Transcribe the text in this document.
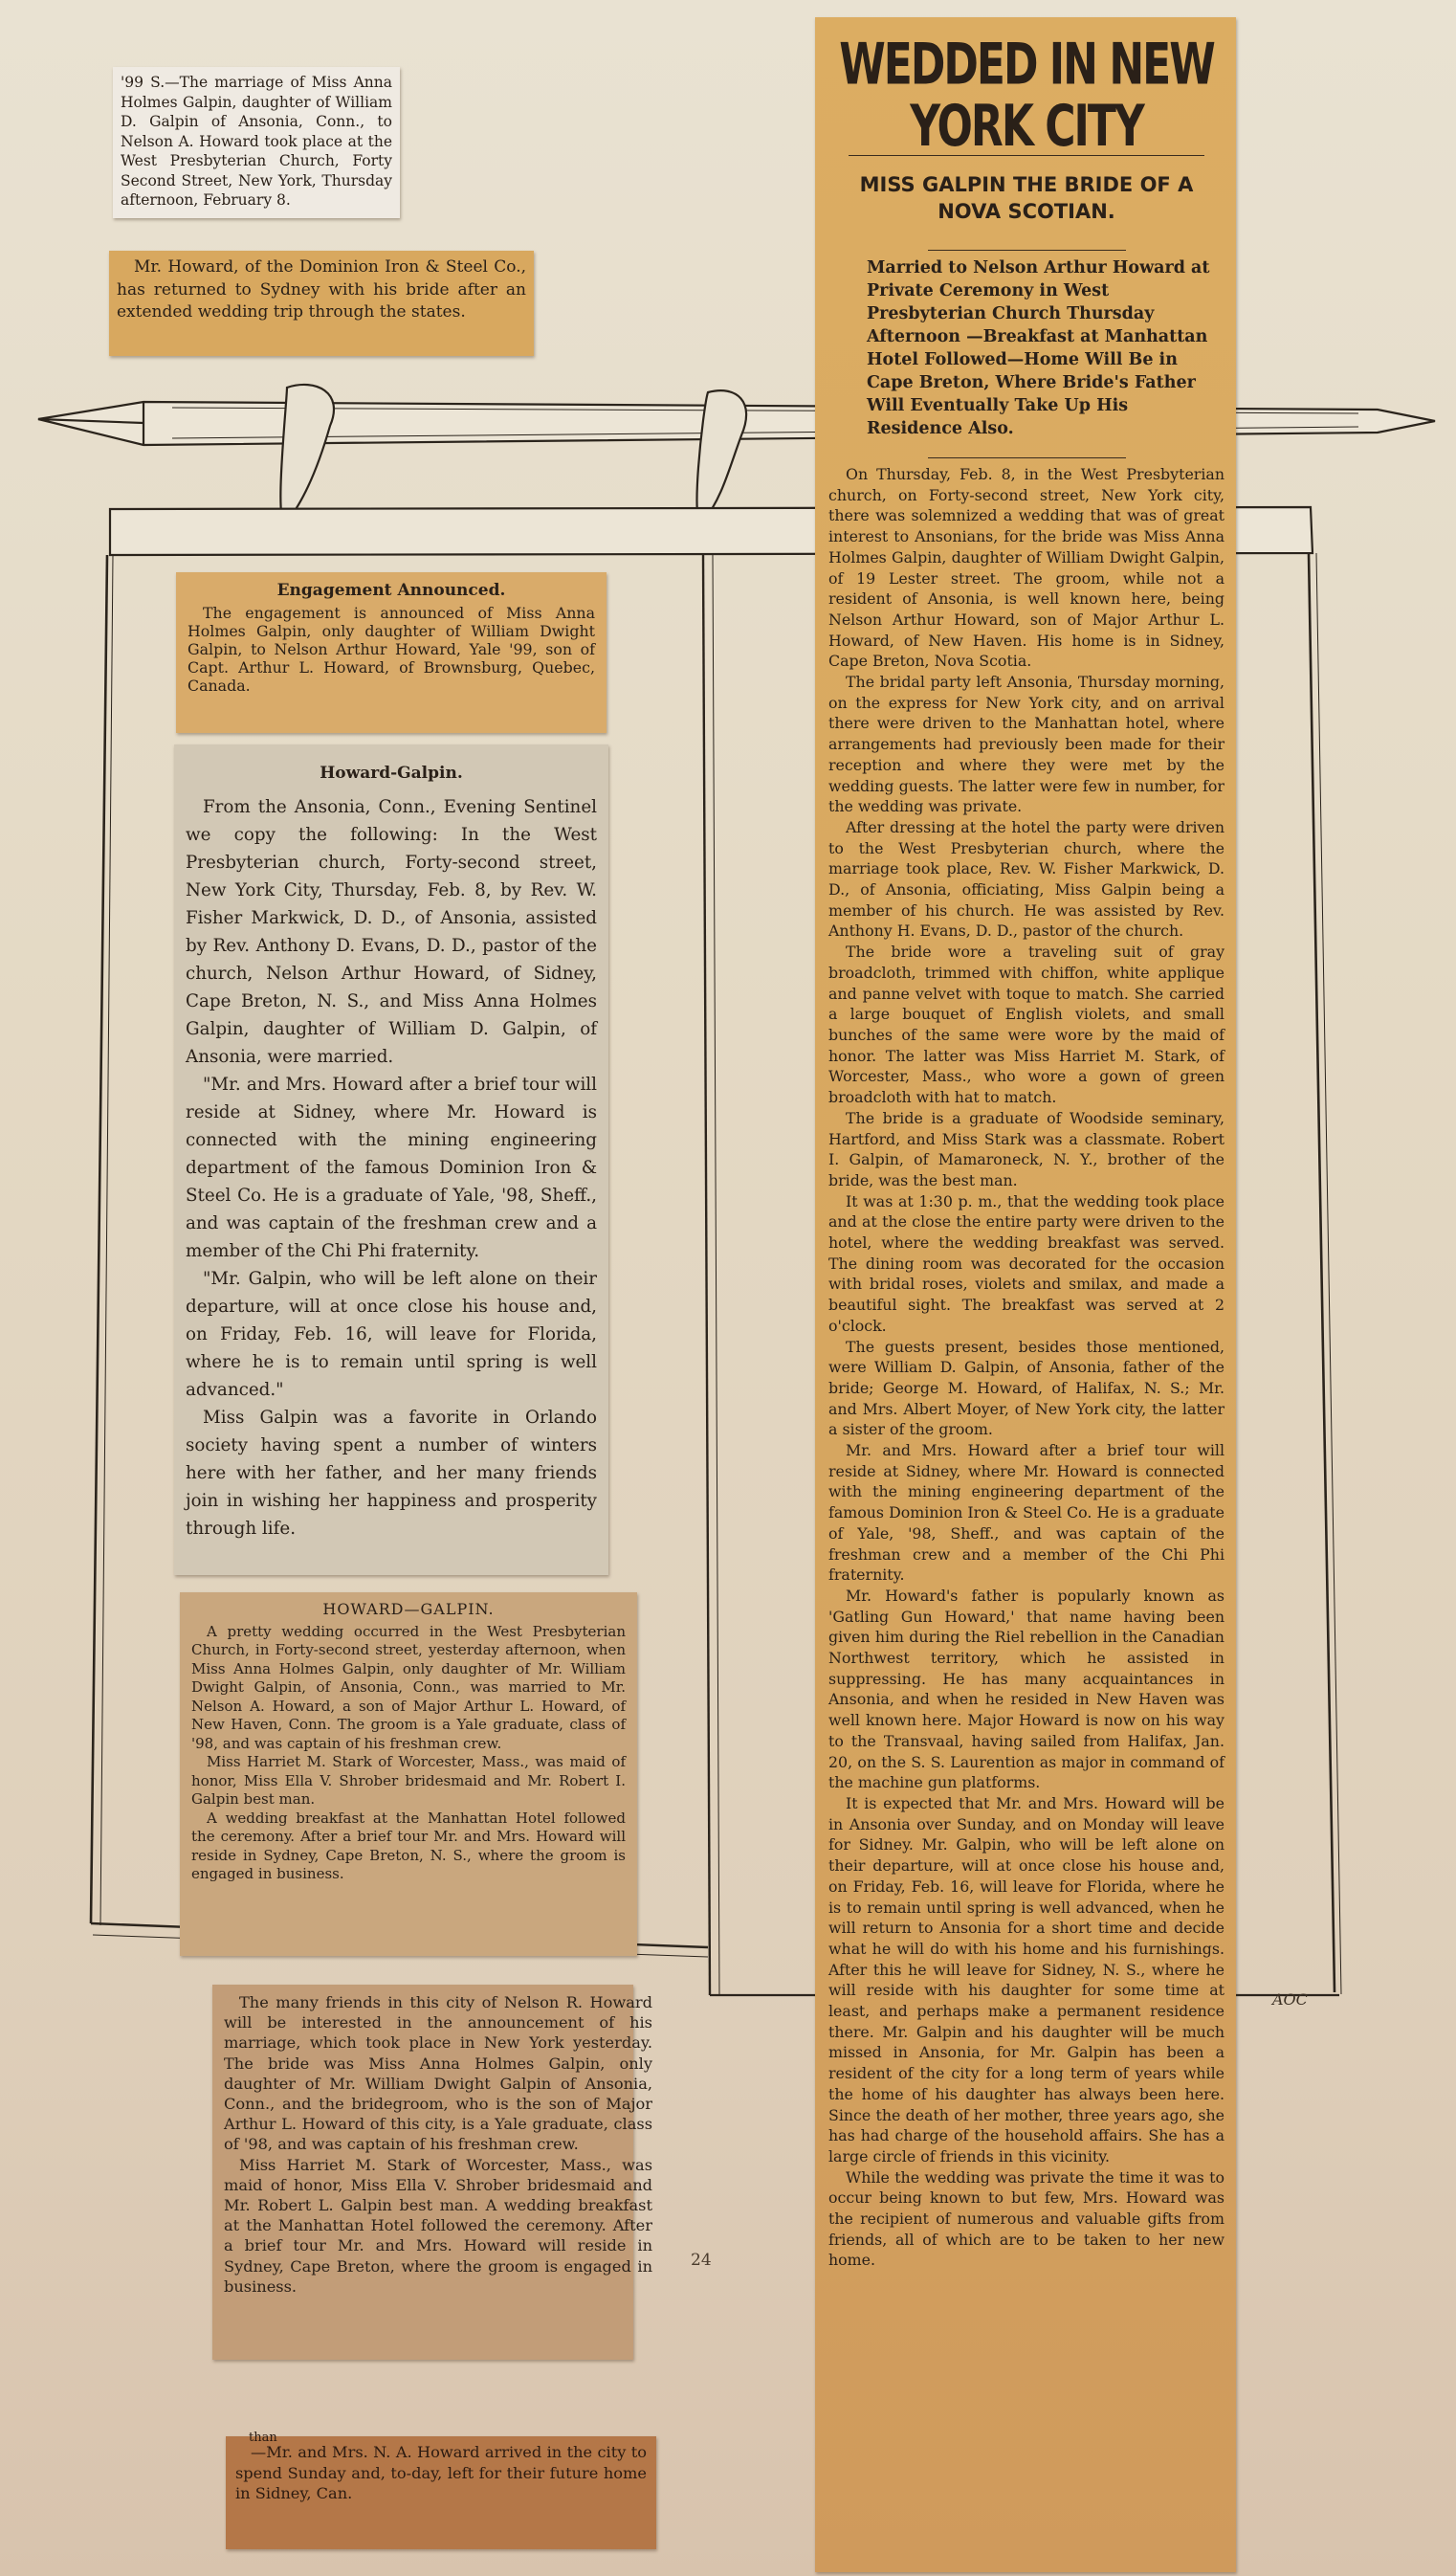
'99 S.—The marriage of Miss Anna Holmes Galpin, daughter of William D. Galpin of Ansonia, Conn., to Nelson A. Howard took place at the West Presbyterian Church, Forty Second Street, New York, Thursday afternoon, February 8.

Mr. Howard, of the Dominion Iron & Steel Co., has returned to Sydney with his bride after an extended wedding trip through the states.

Engagement Announced.

The engagement is announced of Miss Anna Holmes Galpin, only daughter of William Dwight Galpin, to Nelson Arthur Howard, Yale '99, son of Capt. Arthur L. Howard, of Brownsburg, Quebec, Canada.

Howard-Galpin.

From the Ansonia, Conn., Evening Sentinel we copy the following: In the West Presbyterian church, Forty-second street, New York City, Thursday, Feb. 8, by Rev. W. Fisher Markwick, D. D., of Ansonia, assisted by Rev. Anthony D. Evans, D. D., pastor of the church, Nelson Arthur Howard, of Sidney, Cape Breton, N. S., and Miss Anna Holmes Galpin, daughter of William D. Galpin, of Ansonia, were married.

"Mr. and Mrs. Howard after a brief tour will reside at Sidney, where Mr. Howard is connected with the mining engineering department of the famous Dominion Iron & Steel Co. He is a graduate of Yale, '98, Sheff., and was captain of the freshman crew and a member of the Chi Phi fraternity.

"Mr. Galpin, who will be left alone on their departure, will at once close his house and, on Friday, Feb. 16, will leave for Florida, where he is to remain until spring is well advanced."

Miss Galpin was a favorite in Orlando society having spent a number of winters here with her father, and her many friends join in wishing her happiness and prosperity through life.

HOWARD—GALPIN.

A pretty wedding occurred in the West Presbyterian Church, in Forty-second street, yesterday afternoon, when Miss Anna Holmes Galpin, only daughter of Mr. William Dwight Galpin, of Ansonia, Conn., was married to Mr. Nelson A. Howard, a son of Major Arthur L. Howard, of New Haven, Conn. The groom is a Yale graduate, class of '98, and was captain of his freshman crew.

Miss Harriet M. Stark of Worcester, Mass., was maid of honor, Miss Ella V. Shrober bridesmaid and Mr. Robert I. Galpin best man.

A wedding breakfast at the Manhattan Hotel followed the ceremony. After a brief tour Mr. and Mrs. Howard will reside in Sydney, Cape Breton, N. S., where the groom is engaged in business.

The many friends in this city of Nelson R. Howard will be interested in the announcement of his marriage, which took place in New York yesterday. The bride was Miss Anna Holmes Galpin, only daughter of Mr. William Dwight Galpin of Ansonia, Conn., and the bridegroom, who is the son of Major Arthur L. Howard of this city, is a Yale graduate, class of '98, and was captain of his freshman crew.

Miss Harriet M. Stark of Worcester, Mass., was maid of honor, Miss Ella V. Shrober bridesmaid and Mr. Robert L. Galpin best man. A wedding breakfast at the Manhattan Hotel followed the ceremony. After a brief tour Mr. and Mrs. Howard will reside in Sydney, Cape Breton, where the groom is engaged in business.

than

—Mr. and Mrs. N. A. Howard arrived in the city to spend Sunday and, to-day, left for their future home in Sidney, Can.

WEDDED IN NEW YORK CITY
MISS GALPIN THE BRIDE OF A NOVA SCOTIAN.
Married to Nelson Arthur Howard at Private Ceremony in West Presbyterian Church Thursday Afternoon —Breakfast at Manhattan Hotel Followed—Home Will Be in Cape Breton, Where Bride's Father Will Eventually Take Up His Residence Also.

On Thursday, Feb. 8, in the West Presbyterian church, on Forty-second street, New York city, there was solemnized a wedding that was of great interest to Ansonians, for the bride was Miss Anna Holmes Galpin, daughter of William Dwight Galpin, of 19 Lester street. The groom, while not a resident of Ansonia, is well known here, being Nelson Arthur Howard, son of Major Arthur L. Howard, of New Haven. His home is in Sidney, Cape Breton, Nova Scotia.

The bridal party left Ansonia, Thursday morning, on the express for New York city, and on arrival there were driven to the Manhattan hotel, where arrangements had previously been made for their reception and where they were met by the wedding guests. The latter were few in number, for the wedding was private.

After dressing at the hotel the party were driven to the West Presbyterian church, where the marriage took place, Rev. W. Fisher Markwick, D. D., of Ansonia, officiating, Miss Galpin being a member of his church. He was assisted by Rev. Anthony H. Evans, D. D., pastor of the church.

The bride wore a traveling suit of gray broadcloth, trimmed with chiffon, white applique and panne velvet with toque to match. She carried a large bouquet of English violets, and small bunches of the same were wore by the maid of honor. The latter was Miss Harriet M. Stark, of Worcester, Mass., who wore a gown of green broadcloth with hat to match.

The bride is a graduate of Woodside seminary, Hartford, and Miss Stark was a classmate. Robert I. Galpin, of Mamaroneck, N. Y., brother of the bride, was the best man.

It was at 1:30 p. m., that the wedding took place and at the close the entire party were driven to the hotel, where the wedding breakfast was served. The dining room was decorated for the occasion with bridal roses, violets and smilax, and made a beautiful sight. The breakfast was served at 2 o'clock.

The guests present, besides those mentioned, were William D. Galpin, of Ansonia, father of the bride; George M. Howard, of Halifax, N. S.; Mr. and Mrs. Albert Moyer, of New York city, the latter a sister of the groom.

Mr. and Mrs. Howard after a brief tour will reside at Sidney, where Mr. Howard is connected with the mining engineering department of the famous Dominion Iron & Steel Co. He is a graduate of Yale, '98, Sheff., and was captain of the freshman crew and a member of the Chi Phi fraternity.

Mr. Howard's father is popularly known as 'Gatling Gun Howard,' that name having been given him during the Riel rebellion in the Canadian Northwest territory, which he assisted in suppressing. He has many acquaintances in Ansonia, and when he resided in New Haven was well known here. Major Howard is now on his way to the Transvaal, having sailed from Halifax, Jan. 20, on the S. S. Laurention as major in command of the machine gun platforms.

It is expected that Mr. and Mrs. Howard will be in Ansonia over Sunday, and on Monday will leave for Sidney. Mr. Galpin, who will be left alone on their departure, will at once close his house and, on Friday, Feb. 16, will leave for Florida, where he is to remain until spring is well advanced, when he will return to Ansonia for a short time and decide what he will do with his home and his furnishings. After this he will leave for Sidney, N. S., where he will reside with his daughter for some time at least, and perhaps make a permanent residence there. Mr. Galpin and his daughter will be much missed in Ansonia, for Mr. Galpin has been a resident of the city for a long term of years while the home of his daughter has always been here. Since the death of her mother, three years ago, she has had charge of the household affairs. She has a large circle of friends in this vicinity.

While the wedding was private the time it was to occur being known to but few, Mrs. Howard was the recipient of numerous and valuable gifts from friends, all of which are to be taken to her new home.

AOC
24
